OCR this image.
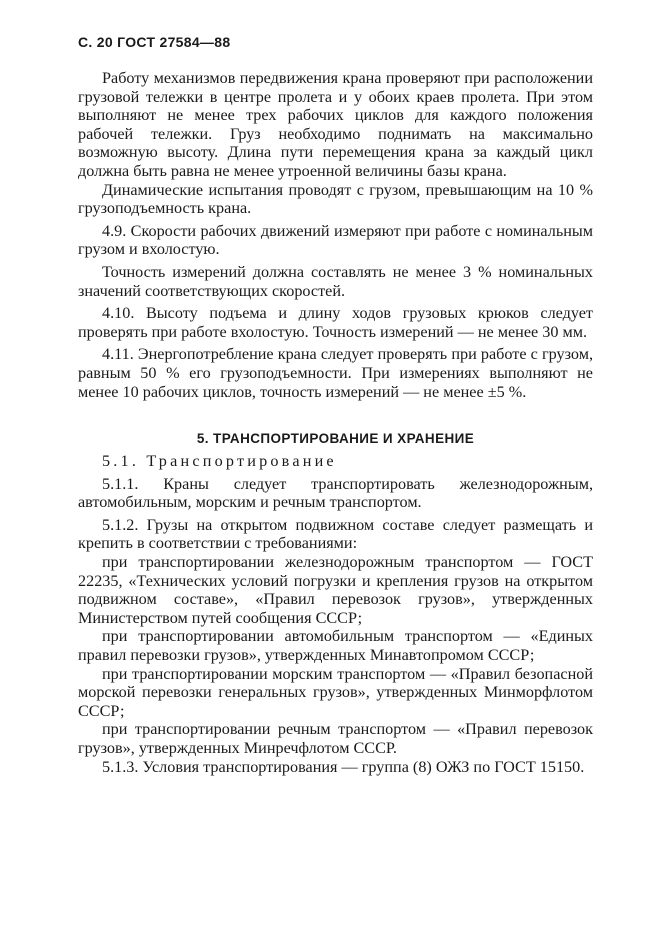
С. 20 ГОСТ 27584—88

Работу механизмов передвижения крана проверяют при расположении грузовой тележки в центре пролета и у обоих краев пролета. При этом выполняют не менее трех рабочих циклов для каждого положения рабочей тележки. Груз необходимо поднимать на максимально возможную высоту. Длина пути перемещения крана за каждый цикл должна быть равна не менее утроенной величины базы крана.

Динамические испытания проводят с грузом, превышающим на 10 % грузоподъемность крана.

4.9. Скорости рабочих движений измеряют при работе с номинальным грузом и вхолостую.

Точность измерений должна составлять не менее 3 % номинальных значений соответствующих скоростей.

4.10. Высоту подъема и длину ходов грузовых крюков следует проверять при работе вхолостую. Точность измерений — не менее 30 мм.

4.11. Энергопотребление крана следует проверять при работе с грузом, равным 50 % его грузоподъемности. При измерениях выполняют не менее 10 рабочих циклов, точность измерений — не менее ±5 %.

5. ТРАНСПОРТИРОВАНИЕ И ХРАНЕНИЕ

5.1. Транспортирование

5.1.1. Краны следует транспортировать железнодорожным, автомобильным, морским и речным транспортом.

5.1.2. Грузы на открытом подвижном составе следует размещать и крепить в соответствии с требованиями:

при транспортировании железнодорожным транспортом — ГОСТ 22235, «Технических условий погрузки и крепления грузов на открытом подвижном составе», «Правил перевозок грузов», утвержденных Министерством путей сообщения СССР;

при транспортировании автомобильным транспортом — «Единых правил перевозки грузов», утвержденных Минавтопромом СССР;

при транспортировании морским транспортом — «Правил безопасной морской перевозки генеральных грузов», утвержденных Минморфлотом СССР;

при транспортировании речным транспортом — «Правил перевозок грузов», утвержденных Минречфлотом СССР.

5.1.3. Условия транспортирования — группа (8) ОЖЗ по ГОСТ 15150.
